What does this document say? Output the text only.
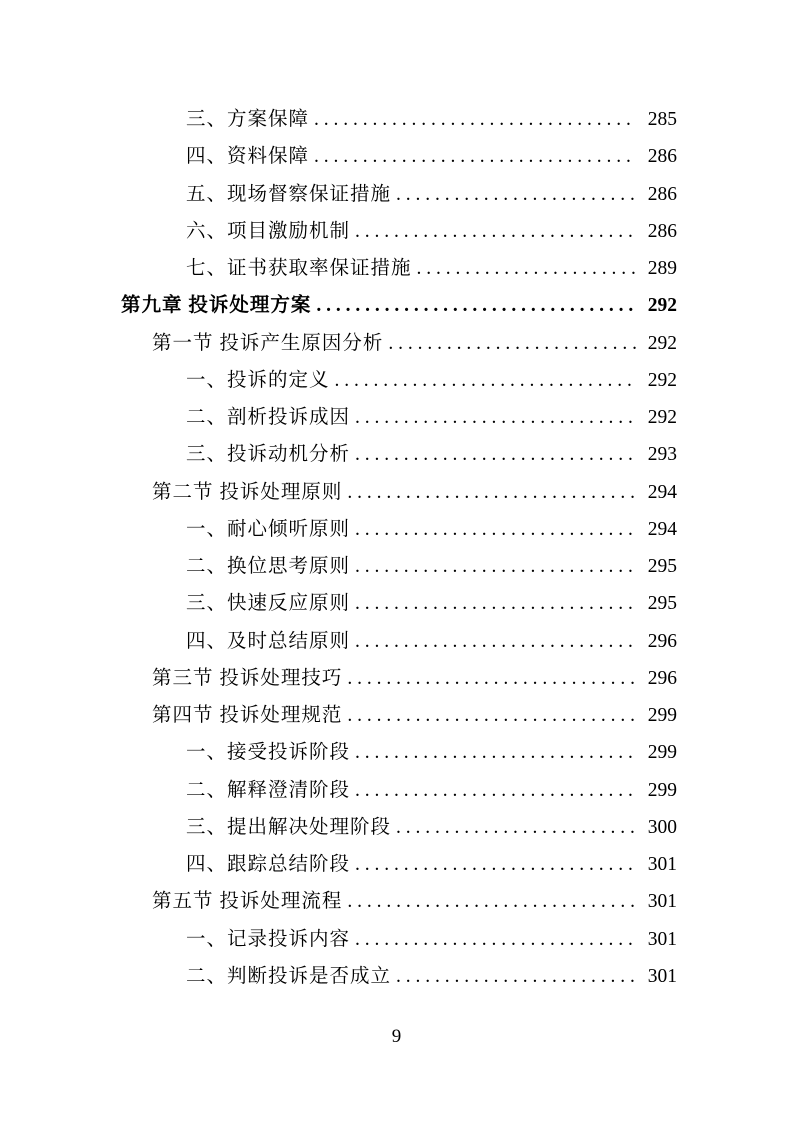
三、方案保障 . . .	285
四、资料保障 . . .	286
五、现场督察保证措施 . . .	286
六、项目激励机制 . . .	286
七、证书获取率保证措施 . . .	289
第九章 投诉处理方案 . . .	292
第一节 投诉产生原因分析 . . .	292
一、投诉的定义 . . .	292
二、剖析投诉成因 . . .	292
三、投诉动机分析 . . .	293
第二节 投诉处理原则 . . .	294
一、耐心倾听原则 . . .	294
二、换位思考原则 . . .	295
三、快速反应原则 . . .	295
四、及时总结原则 . . .	296
第三节 投诉处理技巧 . . .	296
第四节 投诉处理规范 . . .	299
一、接受投诉阶段 . . .	299
二、解释澄清阶段 . . .	299
三、提出解决处理阶段 . . .	300
四、跟踪总结阶段 . . .	301
第五节 投诉处理流程 . . .	301
一、记录投诉内容 . . .	301
二、判断投诉是否成立 . . .	301
9
